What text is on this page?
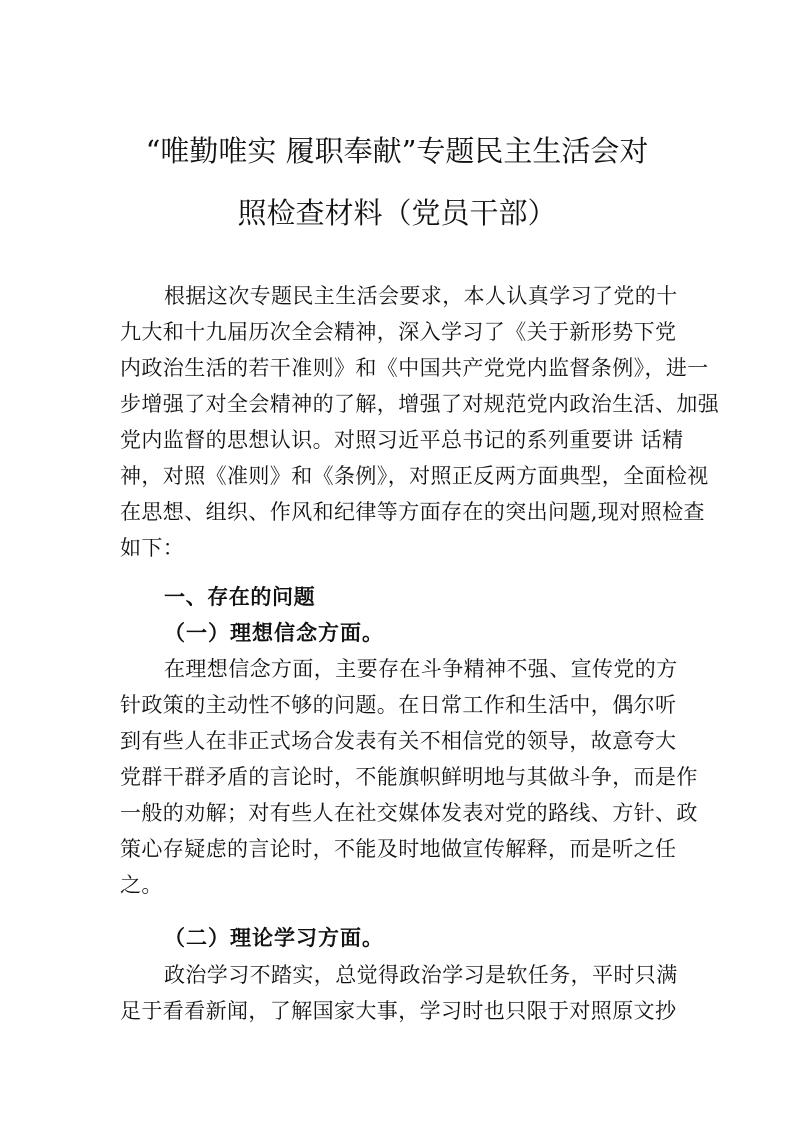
“唯勤唯实 履职奉献”专题民主生活会对
照检查材料（党员干部）
根据这次专题民主生活会要求，本人认真学习了党的十
九大和十九届历次全会精神，深入学习了《关于新形势下党
内政治生活的若干准则》和《中国共产党党内监督条例》，进一
步增强了对全会精神的了解，增强了对规范党内政治生活、加强
党内监督的思想认识。对照习近平总书记的系列重要讲 话精
神，对照《准则》和《条例》，对照正反两方面典型，全面检视
在思想、组织、作风和纪律等方面存在的突出问题,现对照检查
如下：
一、存在的问题
（一）理想信念方面。
在理想信念方面，主要存在斗争精神不强、宣传党的方
针政策的主动性不够的问题。在日常工作和生活中，偶尔听
到有些人在非正式场合发表有关不相信党的领导，故意夸大
党群干群矛盾的言论时，不能旗帜鲜明地与其做斗争，而是作
一般的劝解；对有些人在社交媒体发表对党的路线、方针、政
策心存疑虑的言论时，不能及时地做宣传解释，而是听之任
之。
（二）理论学习方面。
政治学习不踏实，总觉得政治学习是软任务，平时只满
足于看看新闻，了解国家大事，学习时也只限于对照原文抄
